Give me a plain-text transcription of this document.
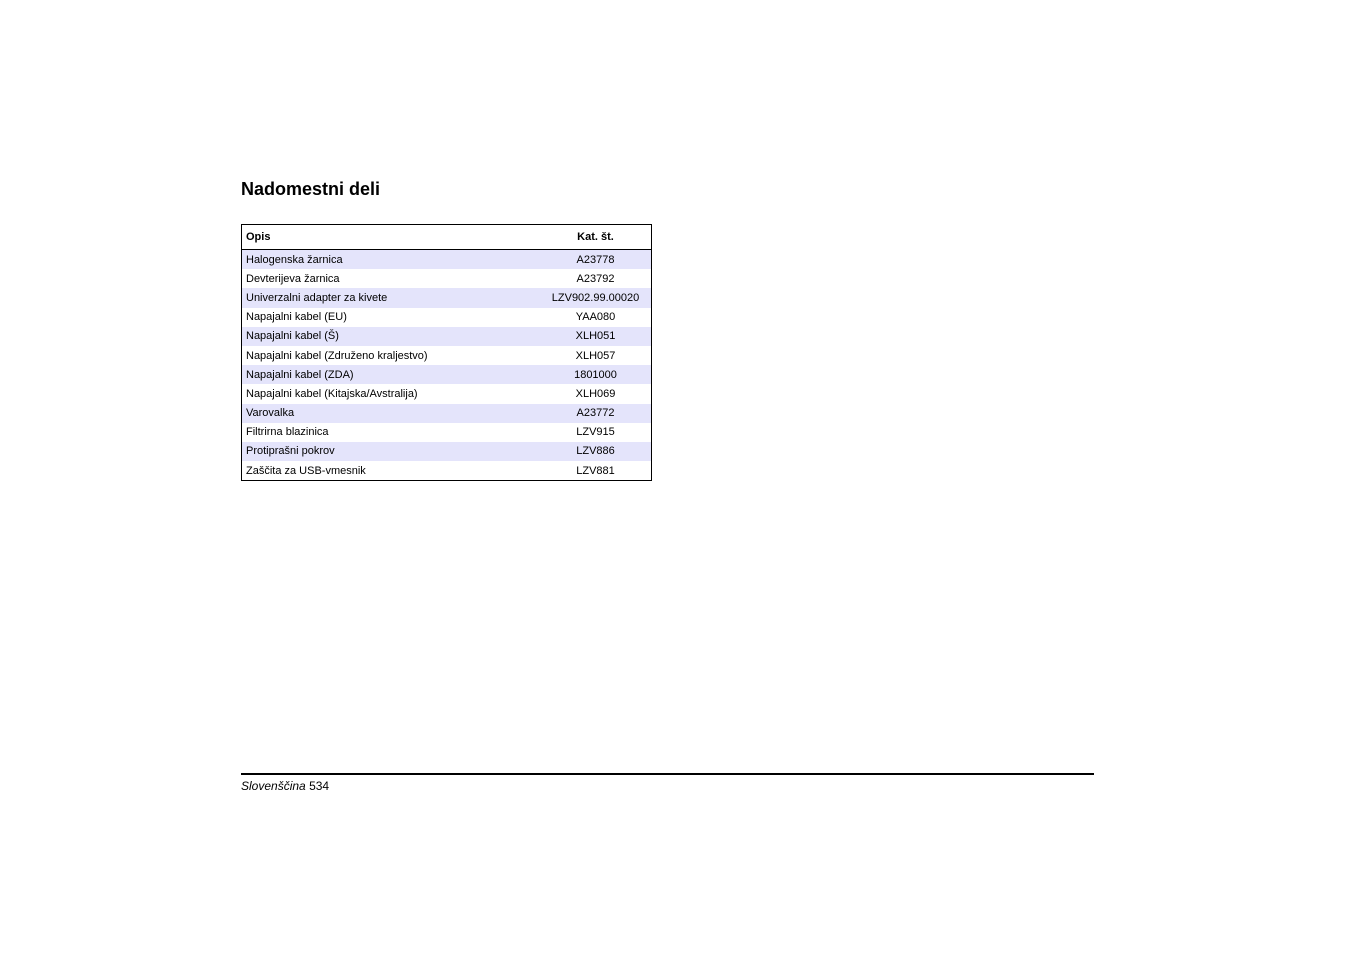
Nadomestni deli
Opis	Kat. št.
Halogenska žarnica	A23778
Devterijeva žarnica	A23792
Univerzalni adapter za kivete	LZV902.99.00020
Napajalni kabel (EU)	YAA080
Napajalni kabel (Š)	XLH051
Napajalni kabel (Združeno kraljestvo)	XLH057
Napajalni kabel (ZDA)	1801000
Napajalni kabel (Kitajska/Avstralija)	XLH069
Varovalka	A23772
Filtrirna blazinica	LZV915
Protiprašni pokrov	LZV886
Zaščita za USB-vmesnik	LZV881
Slovenščina 534
